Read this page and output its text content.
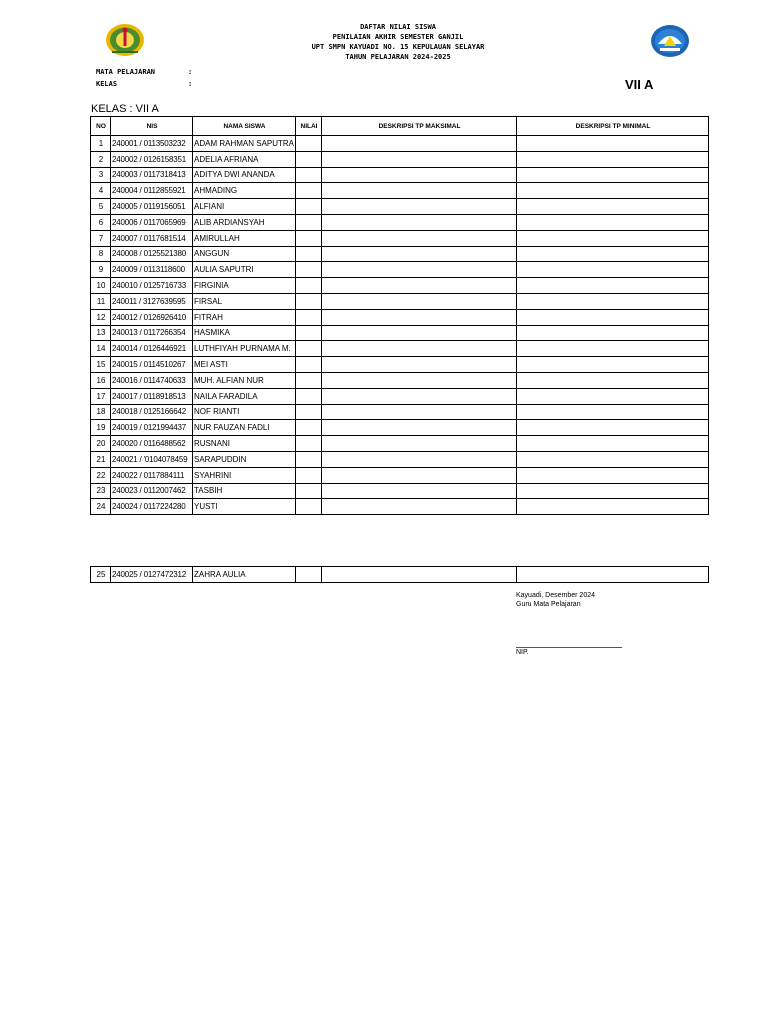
DAFTAR NILAI SISWA
PENILAIAN AKHIR SEMESTER GANJIL
UPT SMPN KAYUADI NO. 15 KEPULAUAN SELAYAR
TAHUN PELAJARAN 2024-2025
MATA PELAJARAN	:
KELAS	:	VII A
KELAS : VII A
NO	NIS	NAMA SISWA	NILAI	DESKRIPSI TP MAKSIMAL	DESKRIPSI TP MINIMAL
1	240001 / 0113503232	ADAM RAHMAN SAPUTRA			
2	240002 / 0126158351	ADELIA AFRIANA			
3	240003 / 0117318413	ADITYA DWI ANANDA			
4	240004 / 0112855921	AHMADING			
5	240005 / 0119156051	ALFIANI			
6	240006 / 0117065969	ALIB ARDIANSYAH			
7	240007 / 0117681514	AMIRULLAH			
8	240008 / 0125521380	ANGGUN			
9	240009 / 0113118600	AULIA SAPUTRI			
10	240010 / 0125716733	FIRGINIA			
11	240011 / 3127639595	FIRSAL			
12	240012 / 0126926410	FITRAH			
13	240013 / 0117266354	HASMIKA			
14	240014 / 0126446921	LUTHFIYAH PURNAMA M.			
15	240015 / 0114510267	MEI ASTI			
16	240016 / 0114740633	MUH. ALFIAN NUR			
17	240017 / 0118918513	NAILA FARADILA			
18	240018 / 0125166642	NOF RIANTI			
19	240019 / 0121994437	NUR FAUZAN FADLI			
20	240020 / 0116488562	RUSNANI			
21	240021 / '0104078459	SARAPUDDIN			
22	240022 / 0117884111	SYAHRINI			
23	240023 / 0112007462	TASBIH			
24	240024 / 0117224280	YUSTI			
25	240025 / 0127472312	ZAHRA AULIA			
Kayuadi, Desember 2024
Guru Mata Pelajaran
NIP.
